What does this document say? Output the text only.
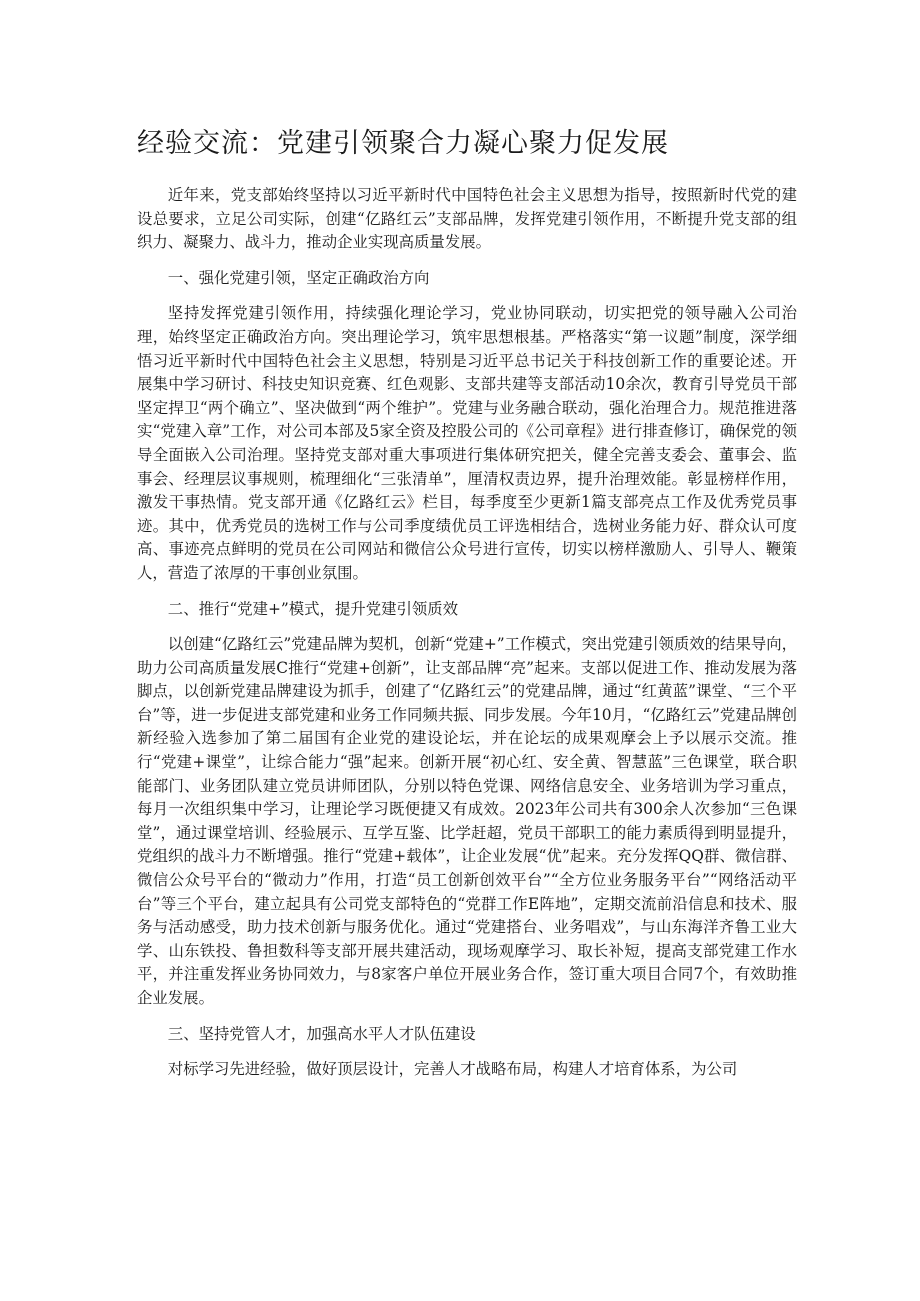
经验交流：党建引领聚合力凝心聚力促发展

近年来，党支部始终坚持以习近平新时代中国特色社会主义思想为指导，按照新时代党的建设总要求，立足公司实际，创建“亿路红云”支部品牌，发挥党建引领作用，不断提升党支部的组织力、凝聚力、战斗力，推动企业实现高质量发展。

一、强化党建引领，坚定正确政治方向

坚持发挥党建引领作用，持续强化理论学习，党业协同联动，切实把党的领导融入公司治理，始终坚定正确政治方向。突出理论学习，筑牢思想根基。严格落实“第一议题”制度，深学细悟习近平新时代中国特色社会主义思想，特别是习近平总书记关于科技创新工作的重要论述。开展集中学习研讨、科技史知识竞赛、红色观影、支部共建等支部活动10余次，教育引导党员干部坚定捍卫“两个确立”、坚决做到“两个维护”。党建与业务融合联动，强化治理合力。规范推进落实“党建入章”工作，对公司本部及5家全资及控股公司的《公司章程》进行排查修订，确保党的领导全面嵌入公司治理。坚持党支部对重大事项进行集体研究把关，健全完善支委会、董事会、监事会、经理层议事规则，梳理细化“三张清单”，厘清权责边界，提升治理效能。彰显榜样作用，激发干事热情。党支部开通《亿路红云》栏目，每季度至少更新1篇支部亮点工作及优秀党员事迹。其中，优秀党员的选树工作与公司季度绩优员工评选相结合，选树业务能力好、群众认可度高、事迹亮点鲜明的党员在公司网站和微信公众号进行宣传，切实以榜样激励人、引导人、鞭策人，营造了浓厚的干事创业氛围。

二、推行“党建+”模式，提升党建引领质效

以创建“亿路红云”党建品牌为契机，创新“党建+”工作模式，突出党建引领质效的结果导向，助力公司高质量发展C推行“党建+创新”，让支部品牌“亮”起来。支部以促进工作、推动发展为落脚点，以创新党建品牌建设为抓手，创建了“亿路红云”的党建品牌，通过“红黄蓝”课堂、“三个平台”等，进一步促进支部党建和业务工作同频共振、同步发展。今年10月，“亿路红云”党建品牌创新经验入选参加了第二届国有企业党的建设论坛，并在论坛的成果观摩会上予以展示交流。推行“党建+课堂”，让综合能力“强”起来。创新开展“初心红、安全黄、智慧蓝”三色课堂，联合职能部门、业务团队建立党员讲师团队，分别以特色党课、网络信息安全、业务培训为学习重点，每月一次组织集中学习，让理论学习既便捷又有成效。2023年公司共有300余人次参加“三色课堂”，通过课堂培训、经验展示、互学互鉴、比学赶超，党员干部职工的能力素质得到明显提升，党组织的战斗力不断增强。推行“党建+载体”，让企业发展“优”起来。充分发挥QQ群、微信群、微信公众号平台的“微动力”作用，打造“员工创新创效平台”“全方位业务服务平台”“网络活动平台”等三个平台，建立起具有公司党支部特色的“党群工作E阵地”，定期交流前沿信息和技术、服务与活动感受，助力技术创新与服务优化。通过“党建搭台、业务唱戏”，与山东海洋齐鲁工业大学、山东铁投、鲁担数科等支部开展共建活动，现场观摩学习、取长补短，提高支部党建工作水平，并注重发挥业务协同效力，与8家客户单位开展业务合作，签订重大项目合同7个，有效助推企业发展。

三、坚持党管人才，加强高水平人才队伍建设

对标学习先进经验，做好顶层设计，完善人才战略布局，构建人才培育体系，为公司
